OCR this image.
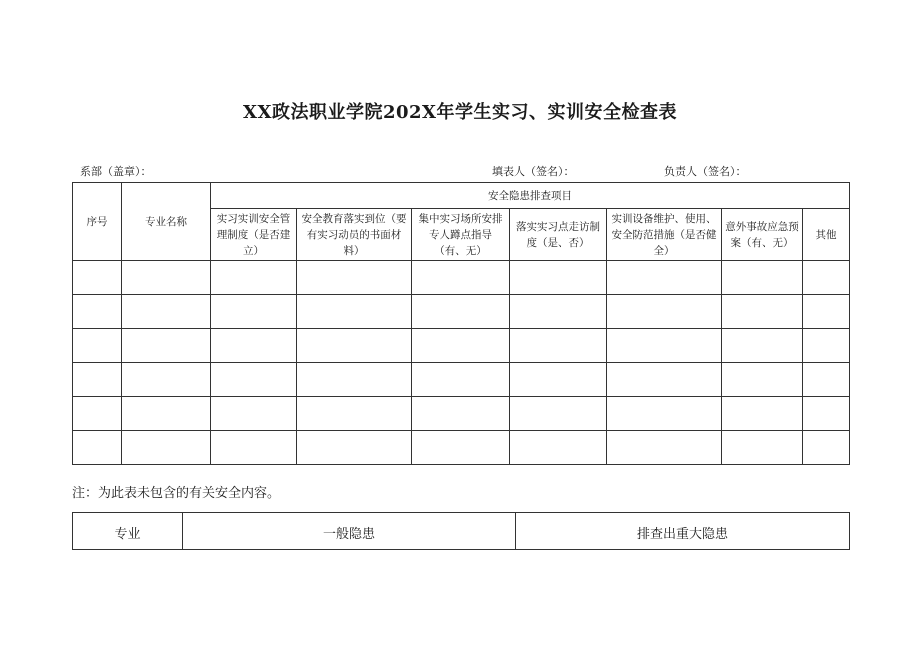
XX政法职业学院202X年学生实习、实训安全检查表
系部（盖章）：	填表人（签名）：	负责人（签名）：
序号	专业名称	安全隐患排查项目						
		实习实训安全管理制度（是否建立）	安全教育落实到位（要有实习动员的书面材料）	集中实习场所安排专人蹲点指导（有、无）	落实实习点走访制度（是、否）	实训设备维护、使用、安全防范措施（是否健全）	意外事故应急预案（有、无）	其他

注：为此表未包含的有关安全内容。
专业	一般隐患	排查出重大隐患
